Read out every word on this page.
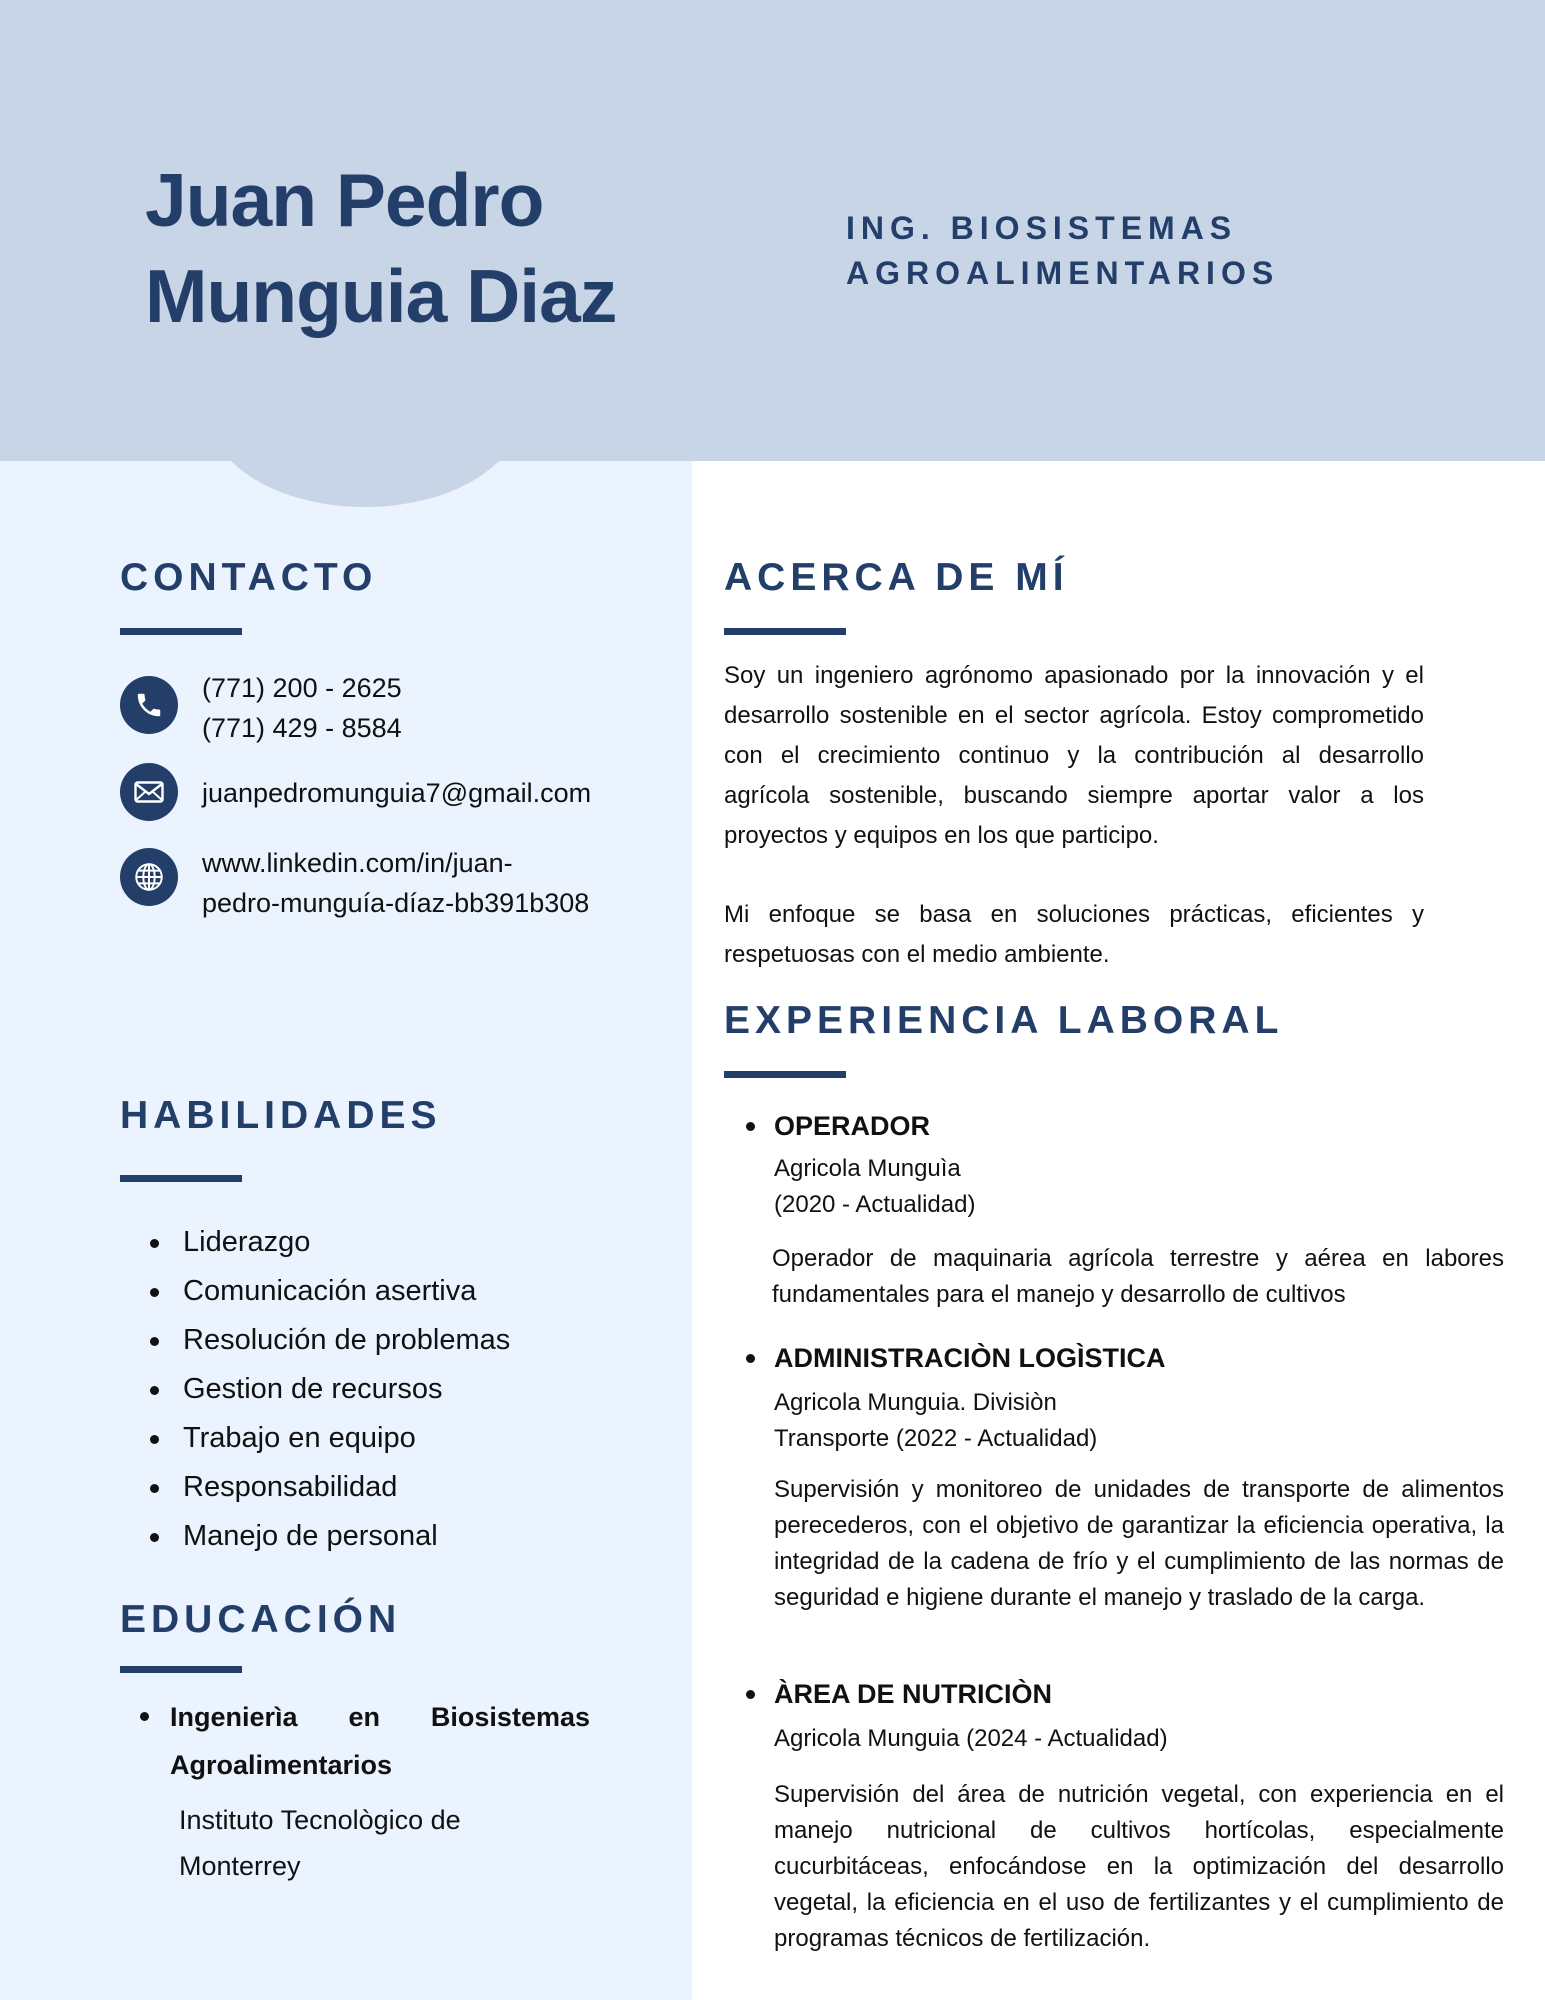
Juan Pedro
Munguia Diaz
ING. BIOSISTEMAS
AGROALIMENTARIOS
CONTACTO
(771) 200 - 2625
(771) 429 - 8584
juanpedromunguia7@gmail.com
www.linkedin.com/in/juan-
pedro-munguía-díaz-bb391b308
HABILIDADES
Liderazgo
Comunicación asertiva
Resolución de problemas
Gestion de recursos
Trabajo en equipo
Responsabilidad
Manejo de personal
EDUCACIÓN
Ingenierìa en Biosistemas Agroalimentarios
Instituto Tecnològico de
Monterrey
ACERCA DE MÍ

Soy un ingeniero agrónomo apasionado por la innovación y el desarrollo sostenible en el sector agrícola. Estoy comprometido con el crecimiento continuo y la contribución al desarrollo agrícola sostenible, buscando siempre aportar valor a los proyectos y equipos en los que participo.

Mi enfoque se basa en soluciones prácticas, eficientes y respetuosas con el medio ambiente.

EXPERIENCIA LABORAL
OPERADOR
Agricola Munguìa
(2020 - Actualidad)

Operador de maquinaria agrícola terrestre y aérea en labores fundamentales para el manejo y desarrollo de cultivos

ADMINISTRACIÒN LOGÌSTICA
Agricola Munguia. Divisiòn
Transporte (2022 - Actualidad)

Supervisión y monitoreo de unidades de transporte de alimentos perecederos, con el objetivo de garantizar la eficiencia operativa, la integridad de la cadena de frío y el cumplimiento de las normas de seguridad e higiene durante el manejo y traslado de la carga.

ÀREA DE NUTRICIÒN
Agricola Munguia (2024 - Actualidad)

Supervisión del área de nutrición vegetal, con experiencia en el manejo nutricional de cultivos hortícolas, especialmente cucurbitáceas, enfocándose en la optimización del desarrollo vegetal, la eficiencia en el uso de fertilizantes y el cumplimiento de programas técnicos de fertilización.
